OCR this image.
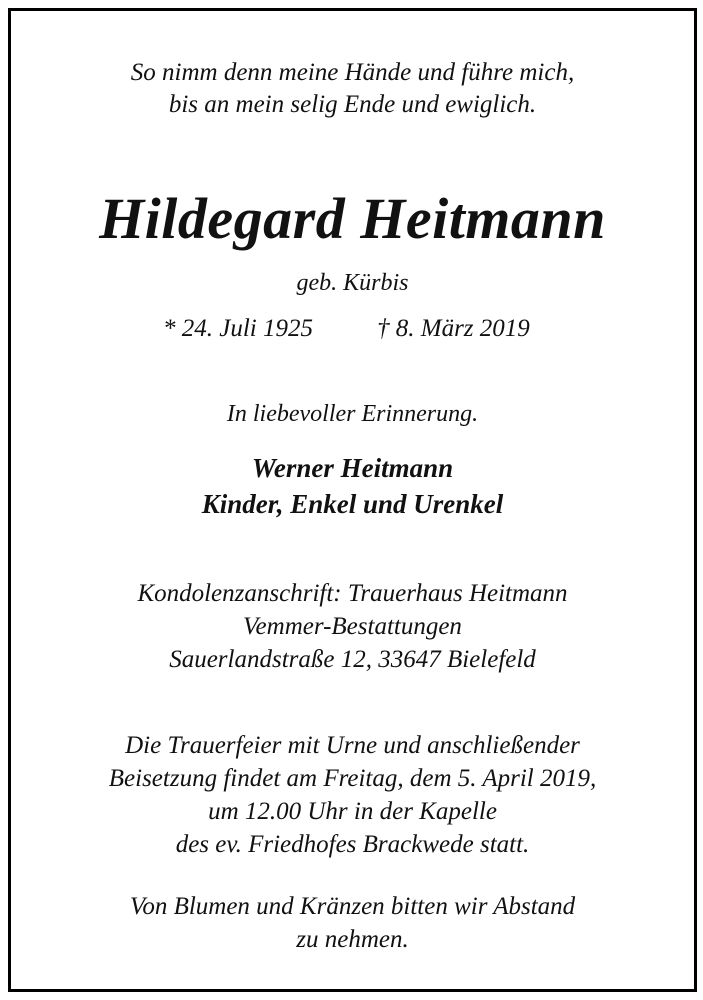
So nimm denn meine Hände und führe mich,
bis an mein selig Ende und ewiglich.
Hildegard Heitmann
geb. Kürbis
* 24. Juli 1925	† 8. März 2019
In liebevoller Erinnerung.
Werner Heitmann
Kinder, Enkel und Urenkel
Kondolenzanschrift: Trauerhaus Heitmann
Vemmer-Bestattungen
Sauerlandstraße 12, 33647 Bielefeld
Die Trauerfeier mit Urne und anschließender
Beisetzung findet am Freitag, dem 5. April 2019,
um 12.00 Uhr in der Kapelle
des ev. Friedhofes Brackwede statt.
Von Blumen und Kränzen bitten wir Abstand
zu nehmen.
